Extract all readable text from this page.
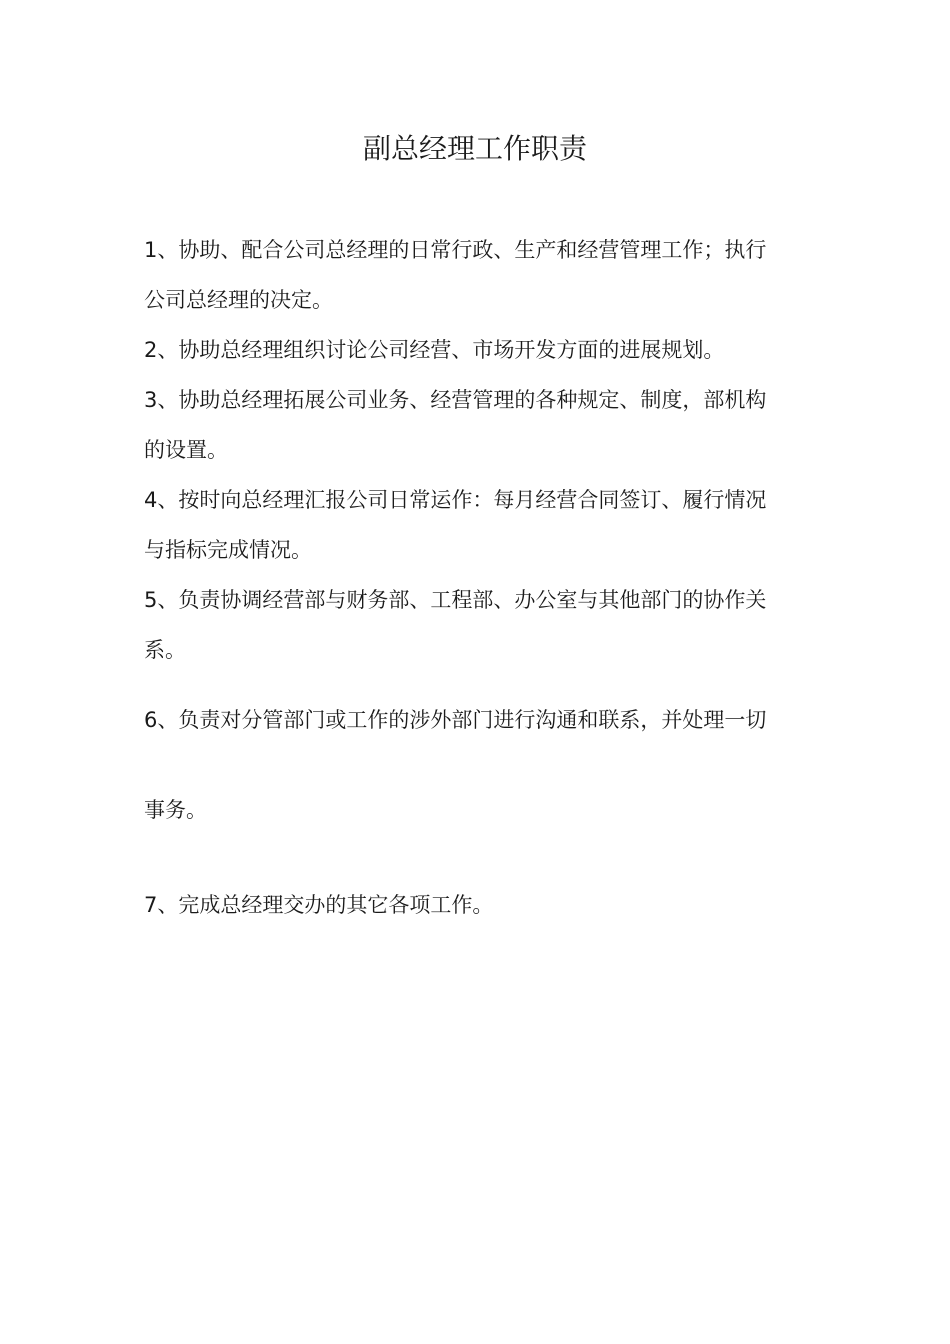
副总经理工作职责
1、协助、配合公司总经理的日常行政、生产和经营管理工作；执行
公司总经理的决定。
2、协助总经理组织讨论公司经营、市场开发方面的进展规划。
3、协助总经理拓展公司业务、经营管理的各种规定、制度，部机构
的设置。
4、按时向总经理汇报公司日常运作：每月经营合同签订、履行情况
与指标完成情况。
5、负责协调经营部与财务部、工程部、办公室与其他部门的协作关
系。
6、负责对分管部门或工作的涉外部门进行沟通和联系，并处理一切
事务。
7、完成总经理交办的其它各项工作。
